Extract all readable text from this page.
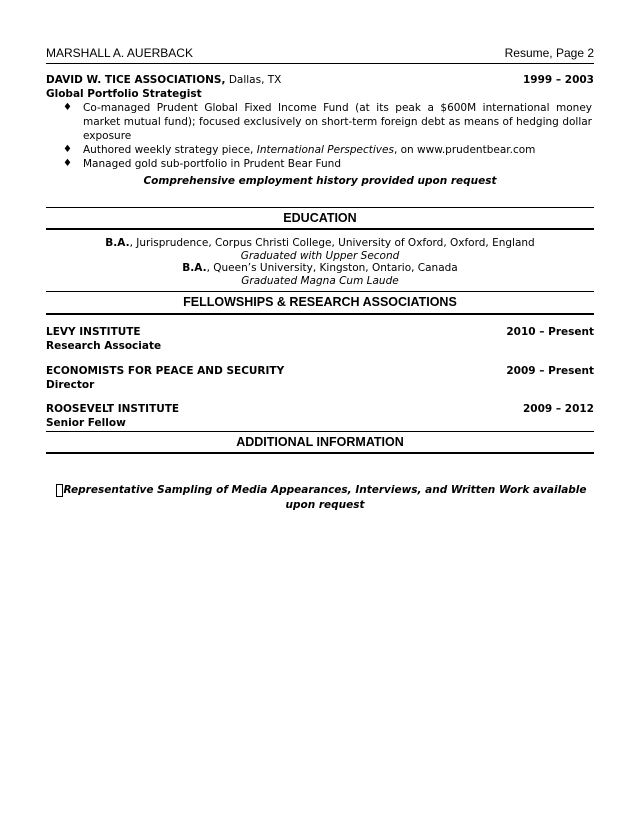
MARSHALL A. AUERBACK	Resume, Page 2
DAVID W. TICE ASSOCIATIONS, Dallas, TX	1999 – 2003
Global Portfolio Strategist
♦ Co-managed Prudent Global Fixed Income Fund (at its peak a $600M international money market mutual fund); focused exclusively on short-term foreign debt as means of hedging dollar exposure
♦ Authored weekly strategy piece, International Perspectives, on www.prudentbear.com
♦ Managed gold sub-portfolio in Prudent Bear Fund
Comprehensive employment history provided upon request
EDUCATION
B.A., Jurisprudence, Corpus Christi College, University of Oxford, Oxford, England
Graduated with Upper Second
B.A., Queen’s University, Kingston, Ontario, Canada
Graduated Magna Cum Laude
FELLOWSHIPS & RESEARCH ASSOCIATIONS
LEVY INSTITUTE	2010 – Present
Research Associate
ECONOMISTS FOR PEACE AND SECURITY	2009 – Present
Director
ROOSEVELT INSTITUTE	2009 – 2012
Senior Fellow
ADDITIONAL INFORMATION
Representative Sampling of Media Appearances, Interviews, and Written Work available
upon request
